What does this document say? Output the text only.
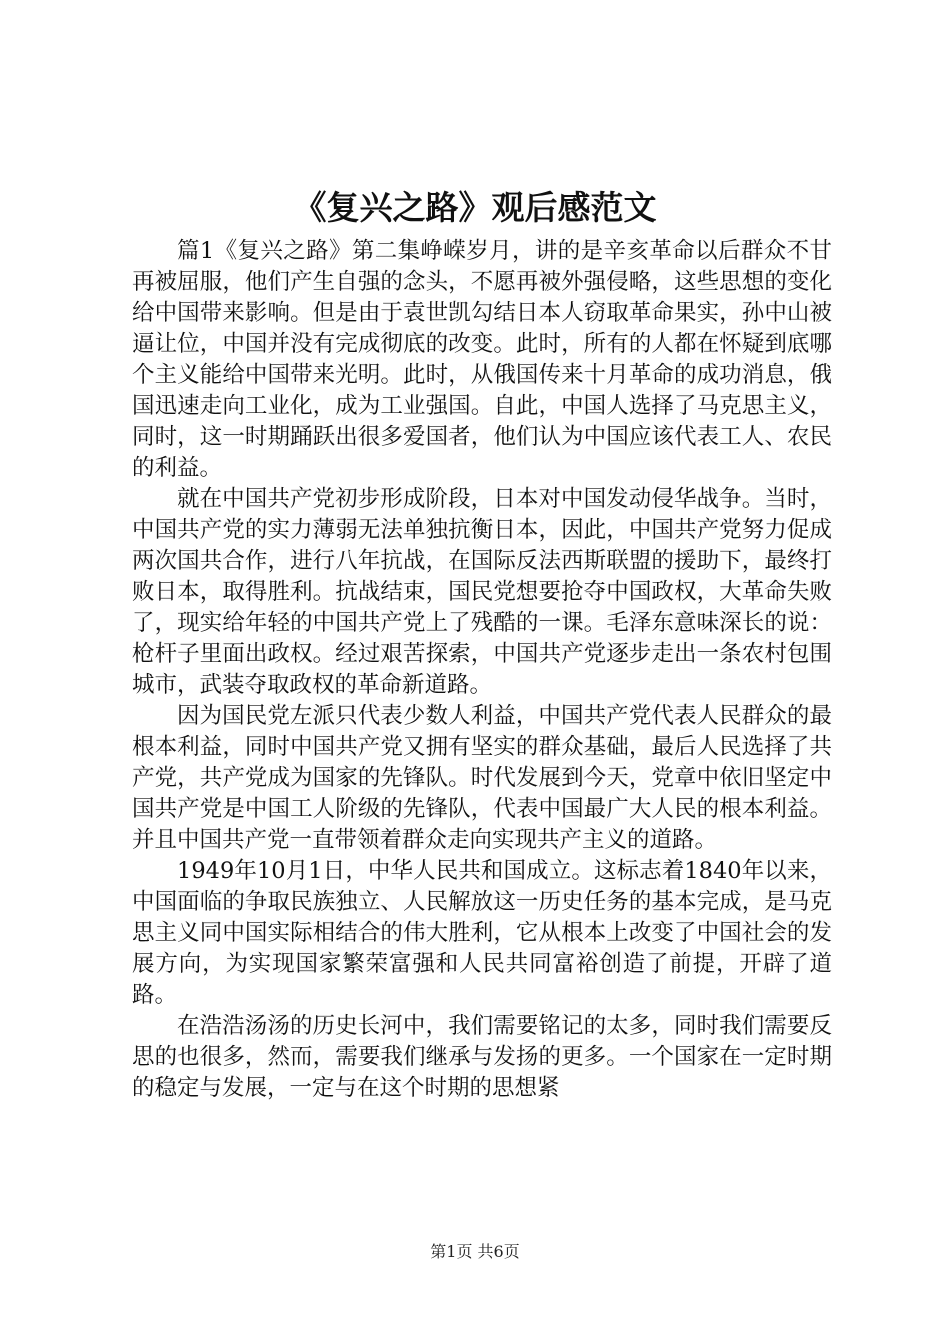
《复兴之路》观后感范文

篇1《复兴之路》第二集峥嵘岁月，讲的是辛亥革命以后群众不甘再被屈服，他们产生自强的念头，不愿再被外强侵略，这些思想的变化给中国带来影响。但是由于袁世凯勾结日本人窃取革命果实，孙中山被逼让位，中国并没有完成彻底的改变。此时，所有的人都在怀疑到底哪个主义能给中国带来光明。此时，从俄国传来十月革命的成功消息，俄国迅速走向工业化，成为工业强国。自此，中国人选择了马克思主义，同时，这一时期踊跃出很多爱国者，他们认为中国应该代表工人、农民的利益。

就在中国共产党初步形成阶段，日本对中国发动侵华战争。当时，中国共产党的实力薄弱无法单独抗衡日本，因此，中国共产党努力促成两次国共合作，进行八年抗战，在国际反法西斯联盟的援助下，最终打败日本，取得胜利。抗战结束，国民党想要抢夺中国政权，大革命失败了，现实给年轻的中国共产党上了残酷的一课。毛泽东意味深长的说：枪杆子里面出政权。经过艰苦探索，中国共产党逐步走出一条农村包围城市，武装夺取政权的革命新道路。

因为国民党左派只代表少数人利益，中国共产党代表人民群众的最根本利益，同时中国共产党又拥有坚实的群众基础，最后人民选择了共产党，共产党成为国家的先锋队。时代发展到今天，党章中依旧坚定中国共产党是中国工人阶级的先锋队，代表中国最广大人民的根本利益。并且中国共产党一直带领着群众走向实现共产主义的道路。

1949年10月1日，中华人民共和国成立。这标志着1840年以来，中国面临的争取民族独立、人民解放这一历史任务的基本完成，是马克思主义同中国实际相结合的伟大胜利，它从根本上改变了中国社会的发展方向，为实现国家繁荣富强和人民共同富裕创造了前提，开辟了道路。

在浩浩汤汤的历史长河中，我们需要铭记的太多，同时我们需要反思的也很多，然而，需要我们继承与发扬的更多。一个国家在一定时期的稳定与发展，一定与在这个时期的思想紧

第1页 共6页
